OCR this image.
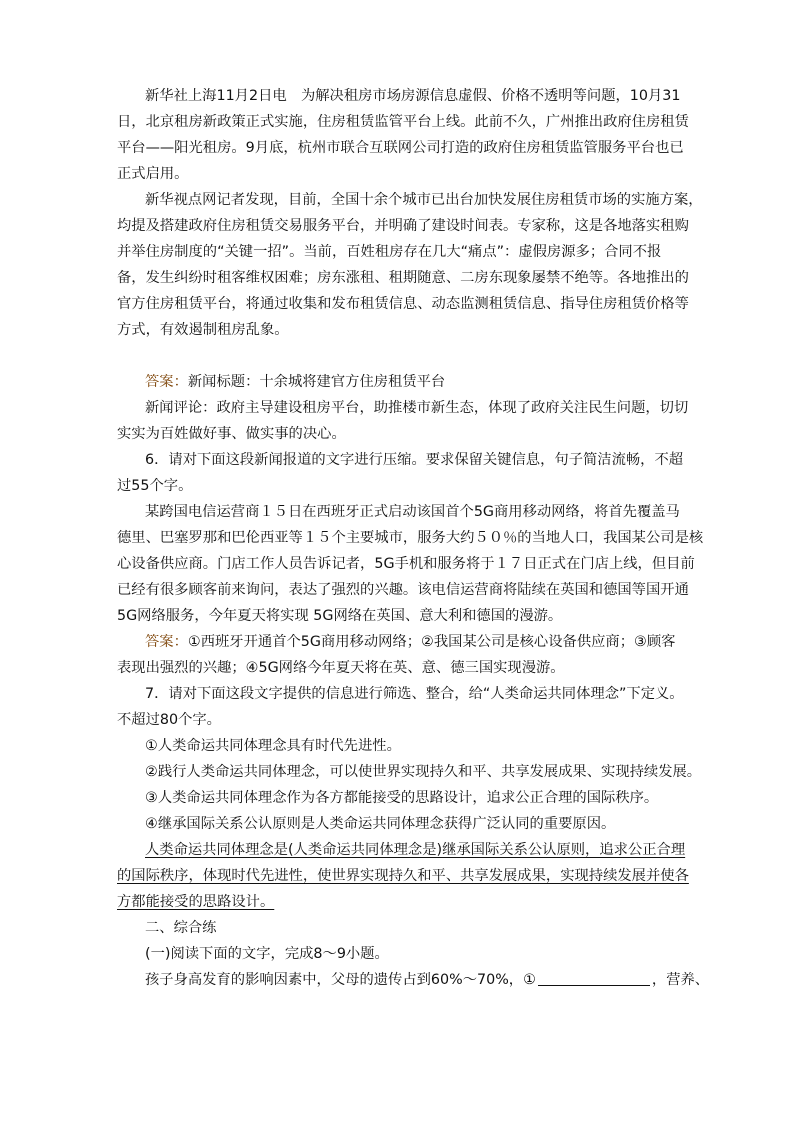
新华社上海11月2日电　为解决租房市场房源信息虚假、价格不透明等问题，10月31
日，北京租房新政策正式实施，住房租赁监管平台上线。此前不久，广州推出政府住房租赁
平台——阳光租房。9月底，杭州市联合互联网公司打造的政府住房租赁监管服务平台也已
正式启用。
新华视点网记者发现，目前，全国十余个城市已出台加快发展住房租赁市场的实施方案，
均提及搭建政府住房租赁交易服务平台，并明确了建设时间表。专家称，这是各地落实租购
并举住房制度的“关键一招”。当前，百姓租房存在几大“痛点”：虚假房源多；合同不报
备，发生纠纷时租客维权困难；房东涨租、租期随意、二房东现象屡禁不绝等。各地推出的
官方住房租赁平台，将通过收集和发布租赁信息、动态监测租赁信息、指导住房租赁价格等
方式，有效遏制租房乱象。
答案：新闻标题：十余城将建官方住房租赁平台
新闻评论：政府主导建设租房平台，助推楼市新生态，体现了政府关注民生问题，切切
实实为百姓做好事、做实事的决心。
6．请对下面这段新闻报道的文字进行压缩。要求保留关键信息，句子简洁流畅，不超
过55个字。
某跨国电信运营商１５日在西班牙正式启动该国首个5G商用移动网络，将首先覆盖马
德里、巴塞罗那和巴伦西亚等１５个主要城市，服务大约５０％的当地人口，我国某公司是核
心设备供应商。门店工作人员告诉记者，5G手机和服务将于１７日正式在门店上线，但目前
已经有很多顾客前来询问，表达了强烈的兴趣。该电信运营商将陆续在英国和德国等国开通
5G网络服务，今年夏天将实现 5G网络在英国、意大利和德国的漫游。
答案：①西班牙开通首个5G商用移动网络；②我国某公司是核心设备供应商；③顾客
表现出强烈的兴趣；④5G网络今年夏天将在英、意、德三国实现漫游。
7．请对下面这段文字提供的信息进行筛选、整合，给“人类命运共同体理念”下定义。
不超过80个字。
①人类命运共同体理念具有时代先进性。
②践行人类命运共同体理念，可以使世界实现持久和平、共享发展成果、实现持续发展。
③人类命运共同体理念作为各方都能接受的思路设计，追求公正合理的国际秩序。
④继承国际关系公认原则是人类命运共同体理念获得广泛认同的重要原因。
人类命运共同体理念是(人类命运共同体理念是)继承国际关系公认原则，追求公正合理
的国际秩序，体现时代先进性，使世界实现持久和平、共享发展成果，实现持续发展并使各
方都能接受的思路设计。
二、综合练
(一)阅读下面的文字，完成8～9小题。
孩子身高发育的影响因素中，父母的遗传占到60%～70%，①	，营养、
